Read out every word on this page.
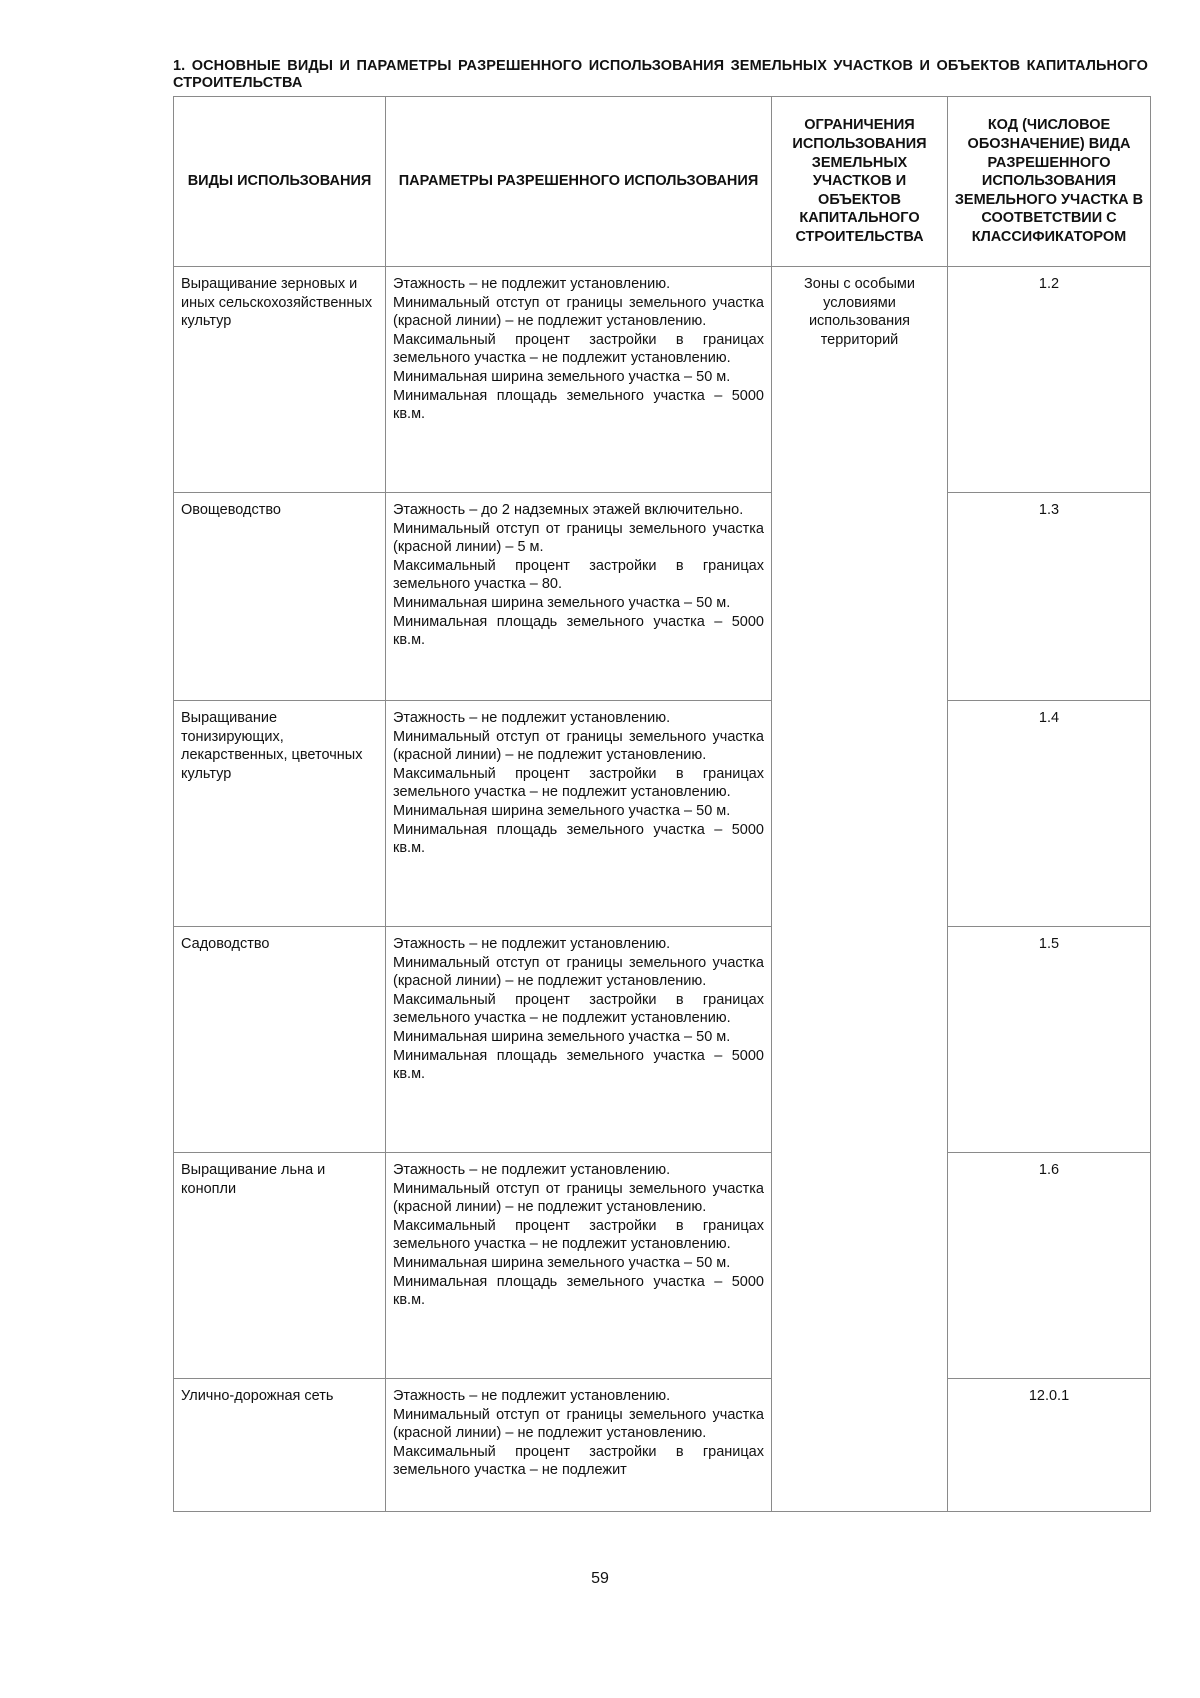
1. ОСНОВНЫЕ ВИДЫ И ПАРАМЕТРЫ РАЗРЕШЕННОГО ИСПОЛЬЗОВАНИЯ ЗЕМЕЛЬНЫХ УЧАСТКОВ И ОБЪЕКТОВ КАПИТАЛЬНОГО СТРОИТЕЛЬСТВА
ВИДЫ ИСПОЛЬЗОВАНИЯ	ПАРАМЕТРЫ РАЗРЕШЕННОГО ИСПОЛЬЗОВАНИЯ	ОГРАНИЧЕНИЯ ИСПОЛЬЗОВАНИЯ ЗЕМЕЛЬНЫХ УЧАСТКОВ И ОБЪЕКТОВ КАПИТАЛЬНОГО СТРОИТЕЛЬСТВА	КОД (ЧИСЛОВОЕ ОБОЗНАЧЕНИЕ) ВИДА РАЗРЕШЕННОГО ИСПОЛЬЗОВАНИЯ ЗЕМЕЛЬНОГО УЧАСТКА В СООТВЕТСТВИИ С КЛАССИФИКАТОРОМ
Выращивание зерновых и иных сельскохозяйственных культур	Этажность – не подлежит установлению.

Минимальный отступ от границы земельного участка (красной линии) – не подлежит установлению.

Максимальный процент застройки в границах земельного участка – не подлежит установлению.

Минимальная ширина земельного участка – 50 м.

Минимальная площадь земельного участка – 5000 кв.м.	Зоны с особыми условиями использования территорий	1.2
Овощеводство	Этажность – до 2 надземных этажей включительно.

Минимальный отступ от границы земельного участка (красной линии) – 5 м.

Максимальный процент застройки в границах земельного участка – 80.

Минимальная ширина земельного участка – 50 м.

Минимальная площадь земельного участка – 5000 кв.м.		1.3
Выращивание тонизирующих, лекарственных, цветочных культур	Этажность – не подлежит установлению.

Минимальный отступ от границы земельного участка (красной линии) – не подлежит установлению.

Максимальный процент застройки в границах земельного участка – не подлежит установлению.

Минимальная ширина земельного участка – 50 м.

Минимальная площадь земельного участка – 5000 кв.м.		1.4
Садоводство	Этажность – не подлежит установлению.

Минимальный отступ от границы земельного участка (красной линии) – не подлежит установлению.

Максимальный процент застройки в границах земельного участка – не подлежит установлению.

Минимальная ширина земельного участка – 50 м.

Минимальная площадь земельного участка – 5000 кв.м.		1.5
Выращивание льна и конопли	Этажность – не подлежит установлению.

Минимальный отступ от границы земельного участка (красной линии) – не подлежит установлению.

Максимальный процент застройки в границах земельного участка – не подлежит установлению.

Минимальная ширина земельного участка – 50 м.

Минимальная площадь земельного участка – 5000 кв.м.		1.6
Улично-дорожная сеть	Этажность – не подлежит установлению.

Минимальный отступ от границы земельного участка (красной линии) – не подлежит установлению.

Максимальный процент застройки в границах земельного участка – не подлежит		12.0.1
59
